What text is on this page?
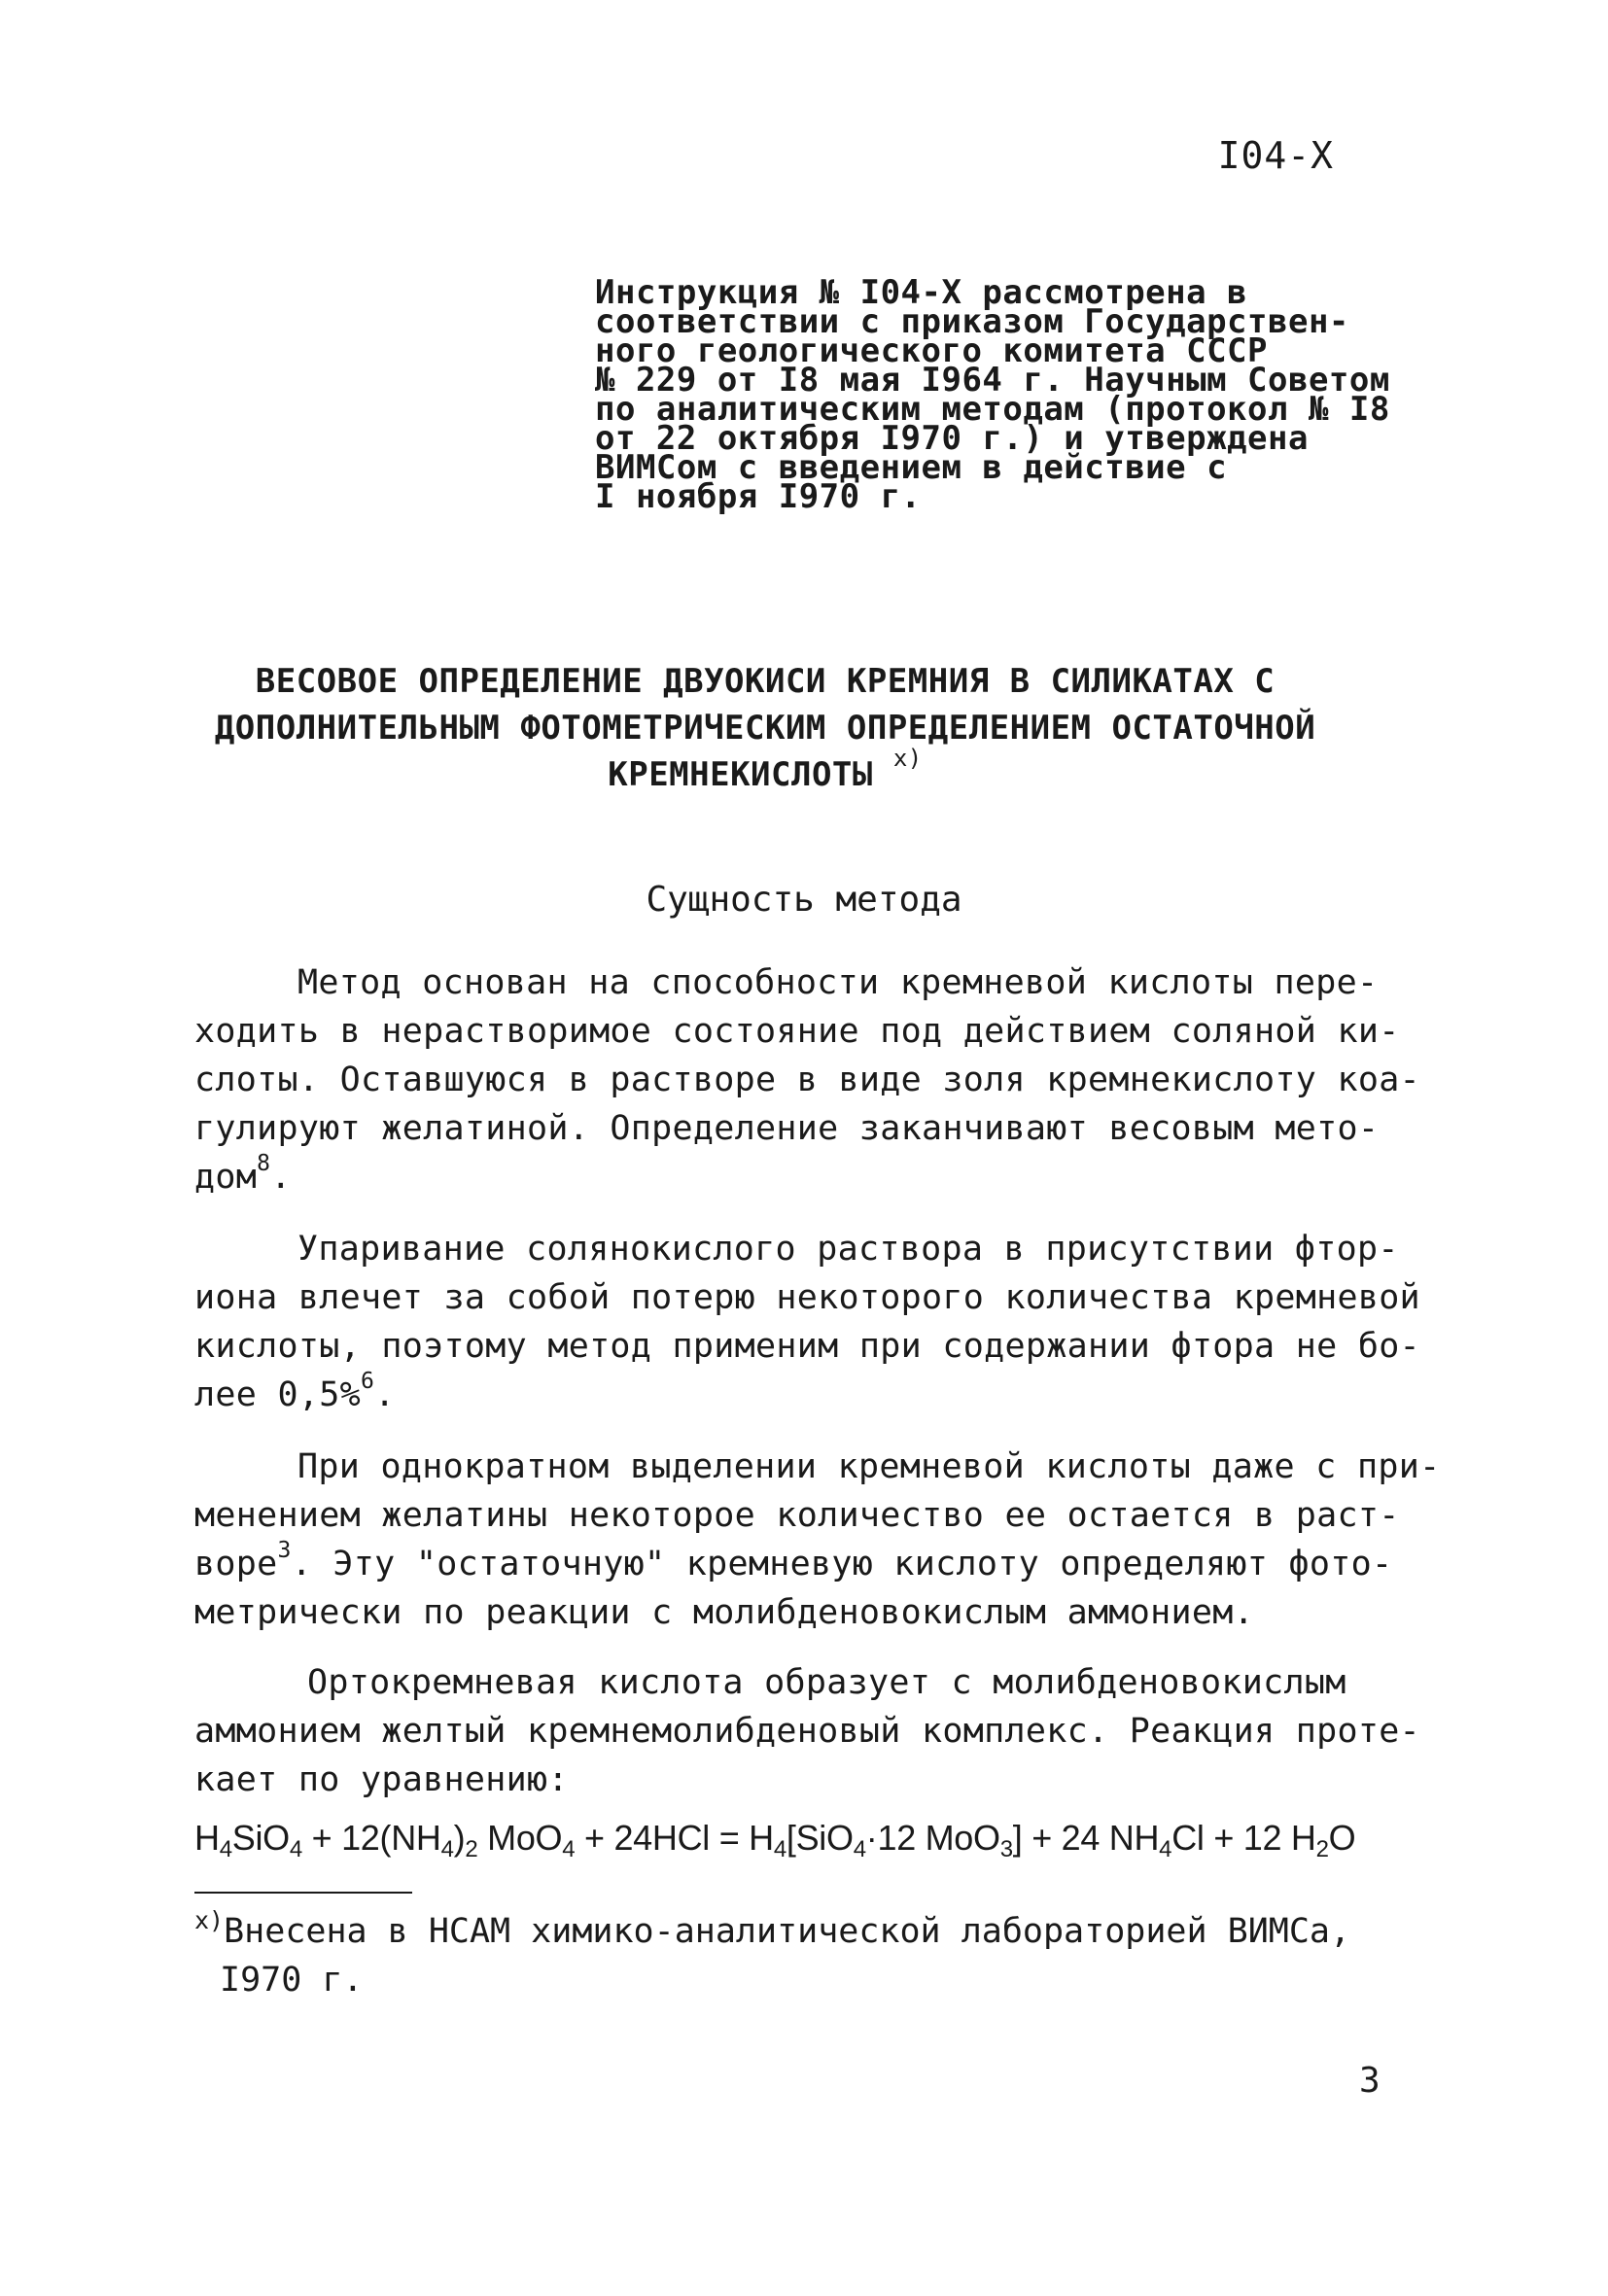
I04-X
Инструкция № I04-X рассмотрена в
соответствии с приказом Государствен-
ного геологического комитета СССР
№ 229 от I8 мая I964 г. Научным Советом
по аналитическим методам (протокол № I8
от 22 октября I970 г.) и утверждена
ВИМСом с введением в действие с
I ноября I970 г.
ВЕСОВОЕ ОПРЕДЕЛЕНИЕ ДВУОКИСИ КРЕМНИЯ В СИЛИКАТАХ С
ДОПОЛНИТЕЛЬНЫМ ФОТОМЕТРИЧЕСКИМ ОПРЕДЕЛЕНИЕМ ОСТАТОЧНОЙ
КРЕМНЕКИСЛОТЫ $^{x)}$
Сущность метода
Метод основан на способности кремневой кислоты пере-
ходить в нерастворимое состояние под действием соляной ки-
слоты. Оставшуюся в растворе в виде золя кремнекислоту коа-
гулируют желатиной. Определение заканчивают весовым мето-
дом$^8$.
Упаривание солянокислого раствора в присутствии фтор-
иона влечет за собой потерю некоторого количества кремневой
кислоты, поэтому метод применим при содержании фтора не бо-
лее 0,5%$^6$.
При однократном выделении кремневой кислоты даже с при-
менением желатины некоторое количество ее остается в раст-
воре$^3$. Эту "остаточную" кремневую кислоту определяют фото-
метрически по реакции с молибденовокислым аммонием.
Ортокремневая кислота образует с молибденовокислым
аммонием желтый кремнемолибденовый комплекс. Реакция проте-
кает по уравнению:
$H_4SiO_4 + 12(NH_4)_2$ $MoO_4 + 24HCl = H_4[SiO_4\cdot 12$ MoO$_3$] + 24 $NH_4Cl + 12$ $H_2O$
$^{x)}$Внесена в НСАМ химико-аналитической лабораторией ВИМСа,
I970 г.
3
